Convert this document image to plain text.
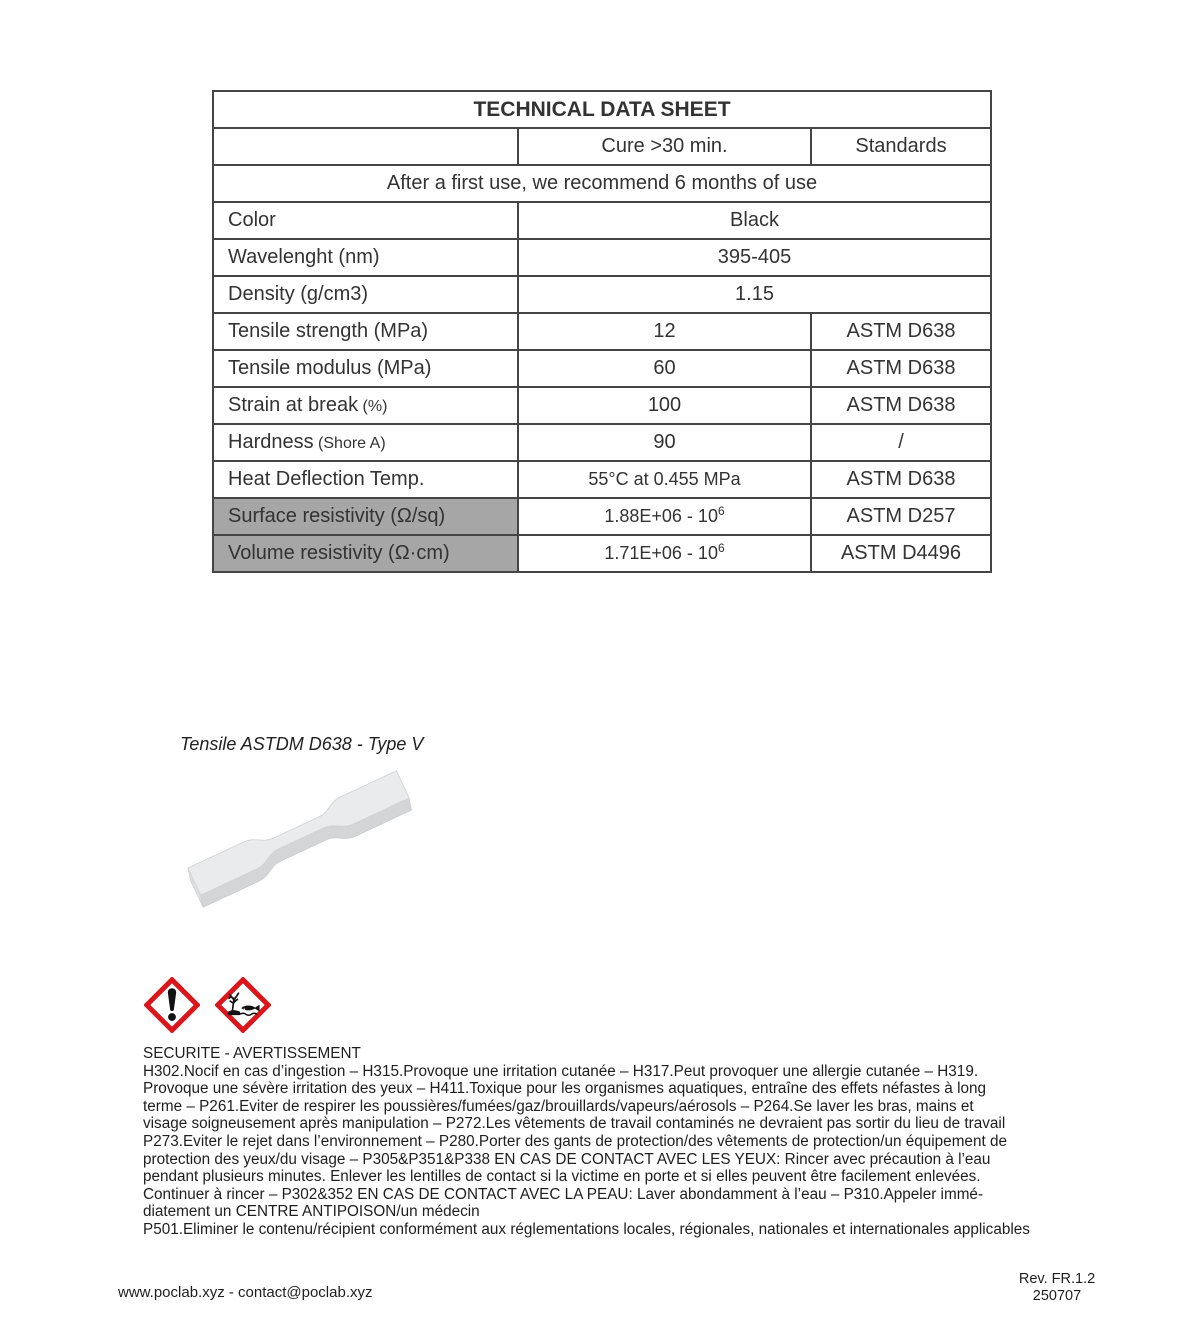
TECHNICAL DATA SHEET		
	Cure >30 min.	Standards
After a first use, we recommend 6 months of use		
Color	Black	
Wavelenght (nm)	395-405	
Density (g/cm3)	1.15	
Tensile strength (MPa)	12	ASTM D638
Tensile modulus (MPa)	60	ASTM D638
Strain at break (%)	100	ASTM D638
Hardness (Shore A)	90	/
Heat Deflection Temp.	55°C at 0.455 MPa	ASTM D638
Surface resistivity (Ω/sq)	$1.88E+06 - 10^6$	ASTM D257
Volume resistivity (Ω·cm)	$1.71E+06 - 10^6$	ASTM D4496
Tensile ASTDM D638 - Type V
SECURITE - AVERTISSEMENT
H302.Nocif en cas d’ingestion – H315.Provoque une irritation cutanée – H317.Peut provoquer une allergie cutanée – H319.
Provoque une sévère irritation des yeux – H411.Toxique pour les organismes aquatiques, entraîne des effets néfastes à long
terme – P261.Eviter de respirer les poussières/fumées/gaz/brouillards/vapeurs/aérosols – P264.Se laver les bras, mains et
visage soigneusement après manipulation – P272.Les vêtements de travail contaminés ne devraient pas sortir du lieu de travail
P273.Eviter le rejet dans l’environnement – P280.Porter des gants de protection/des vêtements de protection/un équipement de
protection des yeux/du visage – P305&P351&P338 EN CAS DE CONTACT AVEC LES YEUX: Rincer avec précaution à l’eau
pendant plusieurs minutes. Enlever les lentilles de contact si la victime en porte et si elles peuvent être facilement enlevées.
Continuer à rincer – P302&352 EN CAS DE CONTACT AVEC LA PEAU: Laver abondamment à l’eau – P310.Appeler immé-
diatement un CENTRE ANTIPOISON/un médecin
P501.Eliminer le contenu/récipient conformément aux réglementations locales, régionales, nationales et internationales applicables
www.poclab.xyz - contact@poclab.xyz
Rev. FR.1.2
250707
